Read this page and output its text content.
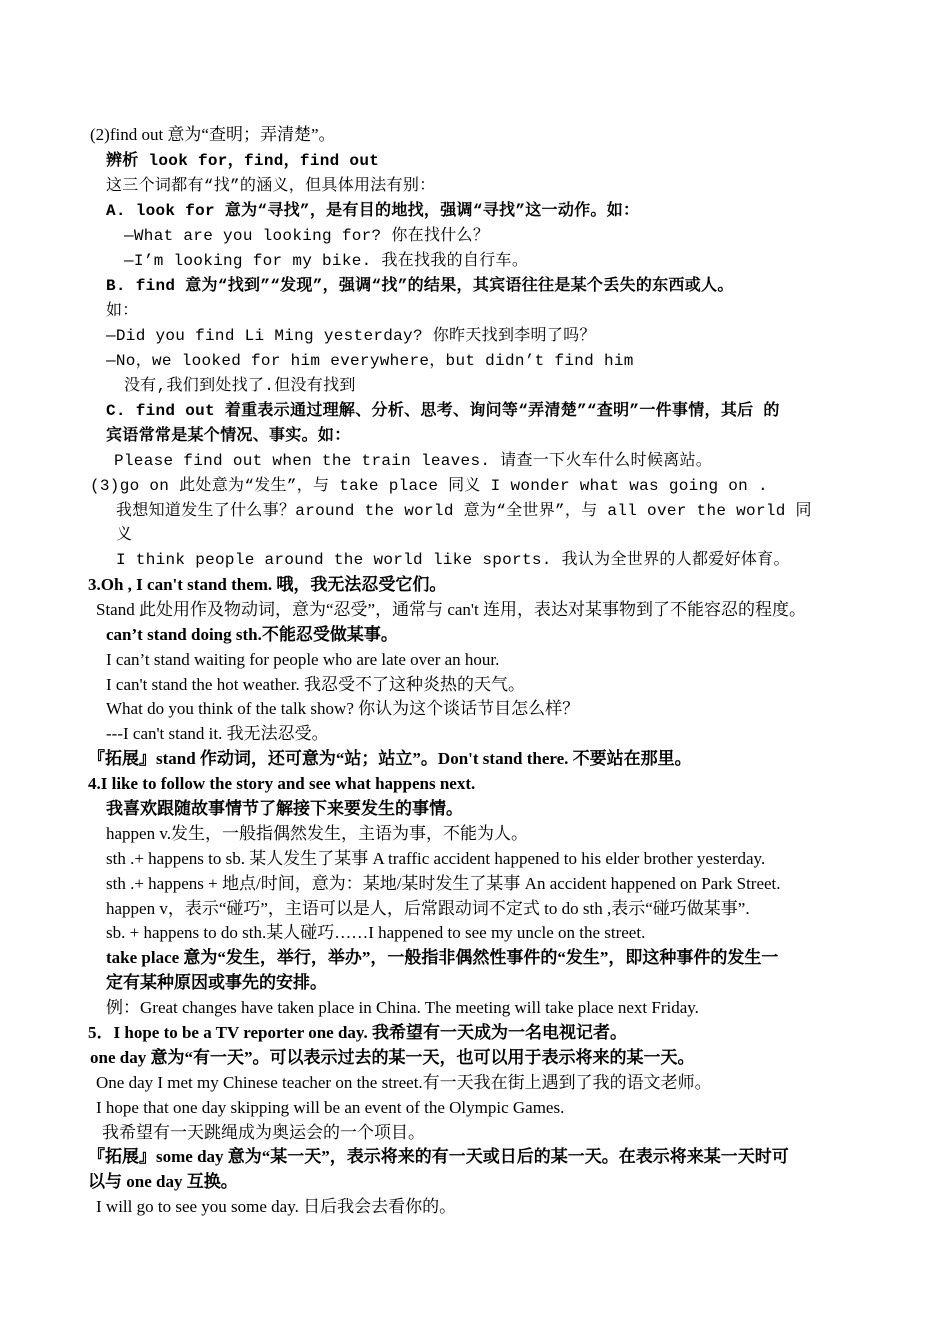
(2)find out 意为“查明；弄清楚”。
辨析 look for，find，find out
这三个词都有“找”的涵义，但具体用法有别：
A. look for 意为“寻找”，是有目的地找，强调“寻找”这一动作。如：
—What are you looking for? 你在找什么？
—I’m looking for my bike. 我在找我的自行车。
B. find 意为“找到”“发现”，强调“找”的结果，其宾语往往是某个丢失的东西或人。
如：
—Did you find Li Ming yesterday? 你昨天找到李明了吗？
—No，we looked for him everywhere，but didn’t find him
没有,我们到处找了.但没有找到
C. find out 着重表示通过理解、分析、思考、询问等“弄清楚”“查明”一件事情，其后 的
宾语常常是某个情况、事实。如：
Please find out when the train leaves. 请查一下火车什么时候离站。
(3)go on 此处意为“发生”，与 take place 同义 I wonder what was going on .
我想知道发生了什么事？around the world 意为“全世界”，与 all over the world 同
义
I think people around the world like sports. 我认为全世界的人都爱好体育。
3.Oh , I can't stand them. 哦，我无法忍受它们。
Stand 此处用作及物动词，意为“忍受”，通常与 can't 连用，表达对某事物到了不能容忍的程度。
can’t stand doing sth.不能忍受做某事。
I can’t stand waiting for people who are late over an hour.
I can't stand the hot weather. 我忍受不了这种炎热的天气。
What do you think of the talk show? 你认为这个谈话节目怎么样？
---I can't stand it. 我无法忍受。
『拓展』stand 作动词，还可意为“站；站立”。Don't stand there. 不要站在那里。
4.I like to follow the story and see what happens next.
我喜欢跟随故事情节了解接下来要发生的事情。
happen v.发生，一般指偶然发生，主语为事，不能为人。
sth .+ happens to sb. 某人发生了某事 A traffic accident happened to his elder brother yesterday.
sth .+ happens + 地点/时间，意为：某地/某时发生了某事 An accident happened on Park Street.
happen v，表示“碰巧”，主语可以是人，后常跟动词不定式 to do sth ,表示“碰巧做某事”.
sb. + happens to do sth.某人碰巧……I happened to see my uncle on the street.
take place 意为“发生，举行，举办”，一般指非偶然性事件的“发生”，即这种事件的发生一
定有某种原因或事先的安排。
例：Great changes have taken place in China. The meeting will take place next Friday.
5．I hope to be a TV reporter one day. 我希望有一天成为一名电视记者。
one day 意为“有一天”。可以表示过去的某一天，也可以用于表示将来的某一天。
One day I met my Chinese teacher on the street.有一天我在街上遇到了我的语文老师。
I hope that one day skipping will be an event of the Olympic Games.
我希望有一天跳绳成为奥运会的一个项目。
『拓展』some day 意为“某一天”，表示将来的有一天或日后的某一天。在表示将来某一天时可
以与 one day 互换。
I will go to see you some day. 日后我会去看你的。
